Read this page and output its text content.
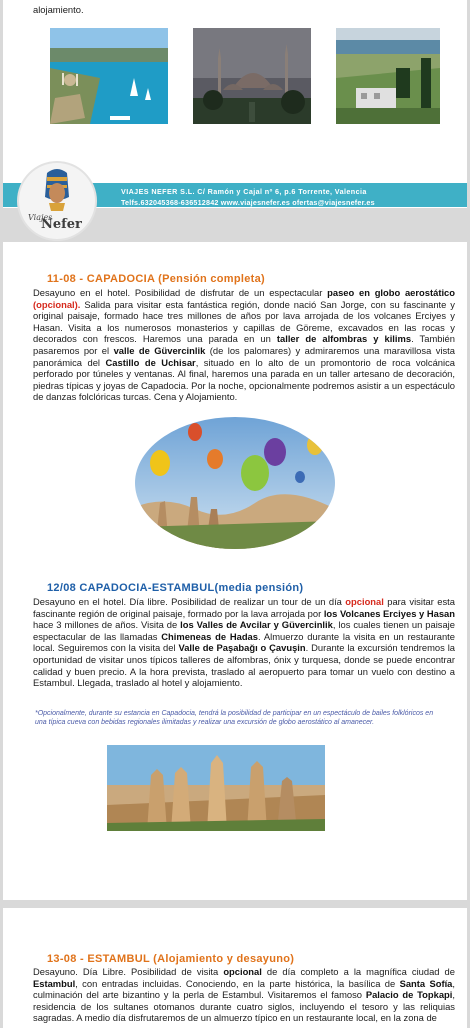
alojamiento.

VIAJES NEFER S.L. C/ Ramón y Cajal nº 6, p.6 Torrente, Valencia
Telfs.632045368-636512842 www.viajesnefer.es ofertas@viajesnefer.es
Viajes
Nefer

11-08 - CAPADOCIA (Pensión completa)

Desayuno en el hotel. Posibilidad de disfrutar de un espectacular paseo en globo aerostático (opcional). Salida para visitar esta fantástica región, donde nació San Jorge, con su fascinante y original paisaje, formado hace tres millones de años por lava arrojada de los volcanes Erciyes y Hasan. Visita a los numerosos monasterios y capillas de Göreme, excavados en las rocas y decorados con frescos. Haremos una parada en un taller de alfombras y kilims. También pasaremos por el valle de Güvercinlik (de los palomares) y admiraremos una maravillosa vista panorámica del Castillo de Uchisar, situado en lo alto de un promontorio de roca volcánica perforado por túneles y ventanas. Al final, haremos una parada en un taller artesano de decoración, piedras típicas y joyas de Capadocia. Por la noche, opcionalmente podremos asistir a un espectáculo de danzas folclóricas turcas. Cena y Alojamiento.

12/08 CAPADOCIA-ESTAMBUL(media pensión)

Desayuno en el hotel. Día libre. Posibilidad de realizar un tour de un día opcional para visitar esta fascinante región de original paisaje, formado por la lava arrojada por los Volcanes Erciyes y Hasan hace 3 millones de años. Visita de los Valles de Avcilar y Güvercinlik, los cuales tienen un paisaje espectacular de las llamadas Chimeneas de Hadas. Almuerzo durante la visita en un restaurante local. Seguiremos con la visita del Valle de Paşabağı o Çavuşin. Durante la excursión tendremos la oportunidad de visitar unos típicos talleres de alfombras, ónix y turquesa, donde se puede encontrar calidad y buen precio. A la hora prevista, traslado al aeropuerto para tomar un vuelo con destino a Estambul. Llegada, traslado al hotel y alojamiento.

*Opcionalmente, durante su estancia en Capadocia, tendrá la posibilidad de participar en un espectáculo de bailes folklóricos en una típica cueva con bebidas regionales ilimitadas y realizar una excursión de globo aerostático al amanecer.

13-08 - ESTAMBUL (Alojamiento y desayuno)

Desayuno. Día Libre. Posibilidad de visita opcional de día completo a la magnífica ciudad de Estambul, con entradas incluidas. Conociendo, en la parte histórica, la basílica de Santa Sofía, culminación del arte bizantino y la perla de Estambul. Visitaremos el famoso Palacio de Topkapi, residencia de los sultanes otomanos durante cuatro siglos, incluyendo el tesoro y las reliquias sagradas. A medio día disfrutaremos de un almuerzo típico en un restaurante local, en la zona de
